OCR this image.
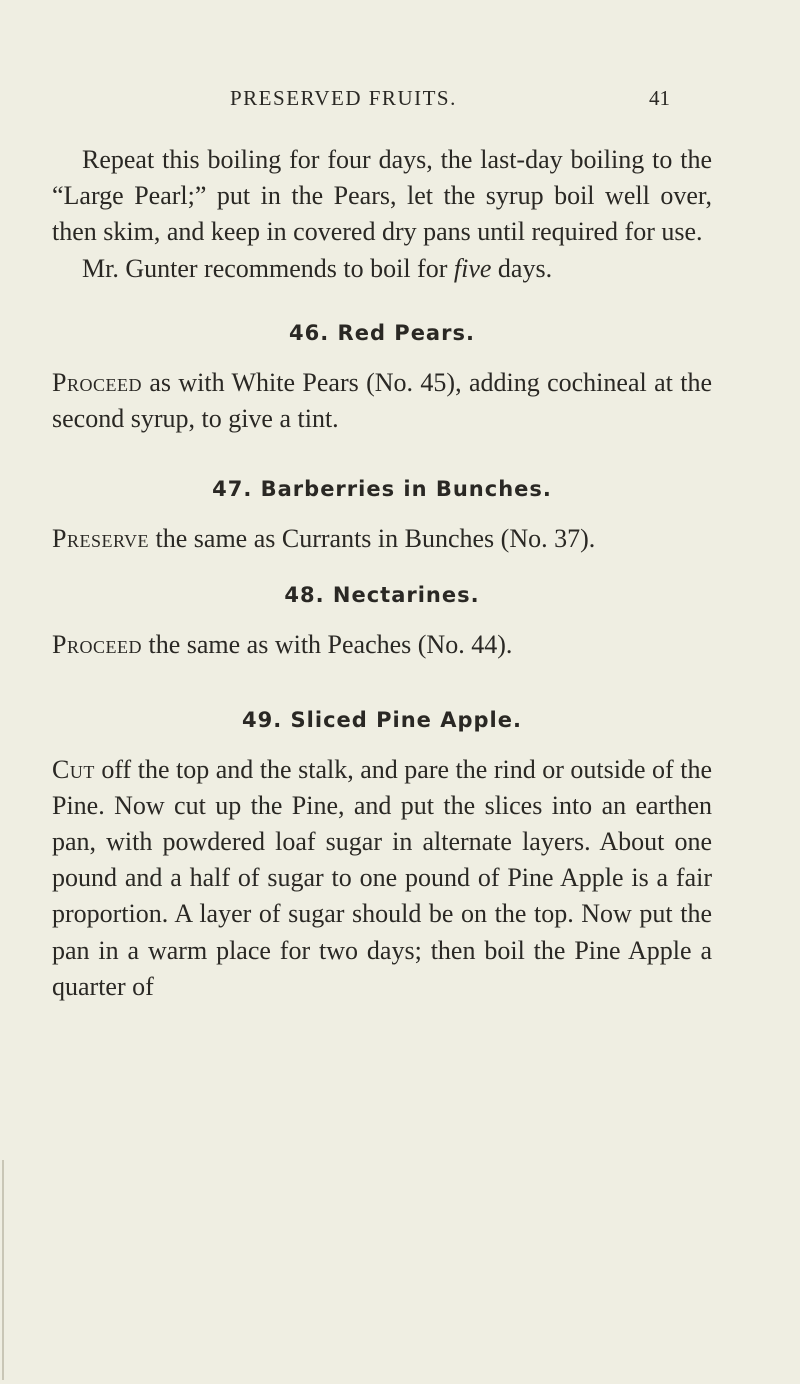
PRESERVED FRUITS.	41

Repeat this boiling for four days, the last-day boiling to the “Large Pearl;” put in the Pears, let the syrup boil well over, then skim, and keep in covered dry pans until required for use.

Mr. Gunter recommends to boil for five days.

46. Red Pears.

Proceed as with White Pears (No. 45), adding cochineal at the second syrup, to give a tint.

47. Barberries in Bunches.

Preserve the same as Currants in Bunches (No. 37).

48. Nectarines.

Proceed the same as with Peaches (No. 44).

49. Sliced Pine Apple.

Cut off the top and the stalk, and pare the rind or outside of the Pine. Now cut up the Pine, and put the slices into an earthen pan, with powdered loaf sugar in alternate layers. About one pound and a half of sugar to one pound of Pine Apple is a fair proportion. A layer of sugar should be on the top. Now put the pan in a warm place for two days; then boil the Pine Apple a quarter of
